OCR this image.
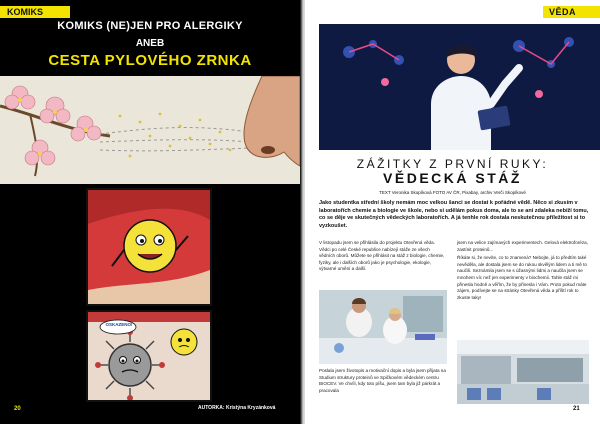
KOMIKS
KOMIKS (NE)JEN PRO ALERGIKY
ANEB
CESTA PYLOVÉHO ZRNKA
OSKAZENO!
20	AUTORKA: Kristýna Kryzánková
VĚDA
ZÁŽITKY Z PRVNÍ RUKY:
VĚDECKÁ STÁŽ
TEXT Veronika Skopíková FOTO AV ČR, Pixabay, archiv Verči Skopíkové
Jako studentka střední školy nemám moc velkou šanci se dostat k pořádné vědě. Něco si zkusím v laboratořích chemie a biologie ve škole, nebo si udělám pokus doma, ale to se ani zdaleka nebíží tomu, co se děje ve skutečných vědeckých laboratořích. A já tenhle rok dostala neskutečnou příležitost si to vyzkoušet.

V listopadu jsem se přihlásila do projektu Otevřená věda. Vědci po celé České republice nabízejí stáže ze všech vědních oborů. Můžete se přihlásit na stáž z biologie, chemie, fyziky, ale i dalších oborů jako je psychologie, ekologie, výtvarné umění a další.

Poslala jsem životopis a motivační dopis a byla jsem přijata na Studium struktury proteinů ve Spičkovém vědeckém centru BIOCEV. Ve chvíli, kdy toto píšu, jsem tam byla již párkrát a pracovala

jsem na velice zajímavých experimentech. Gelová elektroforéza, zastínit proteinů...

Říkáte si, že nevíte, co to znamená? Nebojte, já to předtím také nevěděla, ale dostala jsem se do rukou skvělým lidem a ti mě to naučili. Seznámila jsem se s úžasnými lidmi a naučila jsem se mnohem víc než jen experimenty v biochemii. Tahle stáž mi přinesla hodně a věřím, že by přinesla i Vám. Proto pokud máte zájem, podívejte se na stránky Otevřená věda a příští rok to zkuste taky!

21
